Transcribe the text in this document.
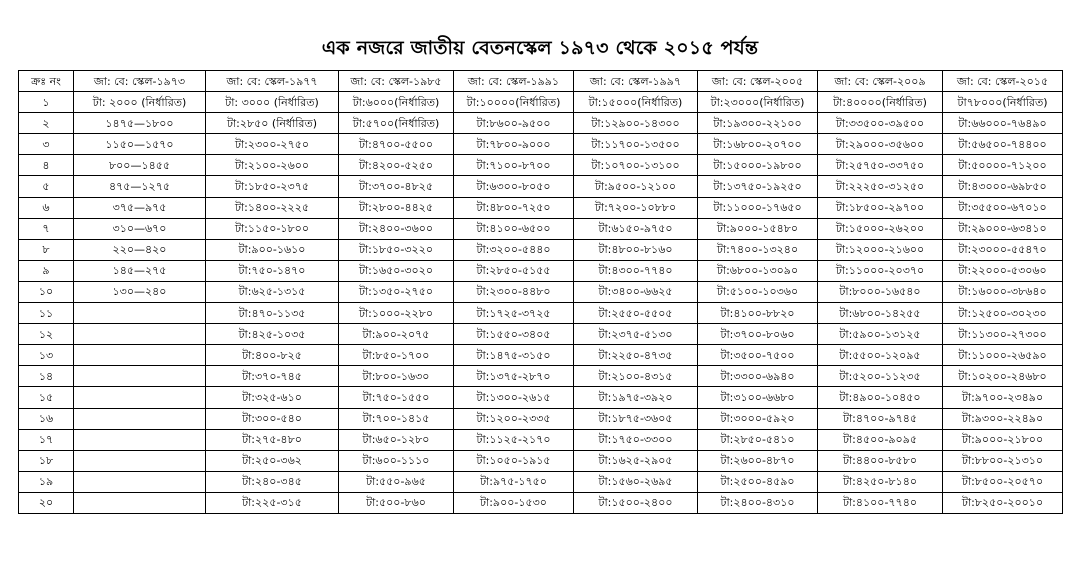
এক নজরে জাতীয় বেতনস্কেল ১৯৭৩ থেকে ২০১৫ পর্যন্ত
ক্রঃ নং	জা: বে: স্কেল-১৯৭৩	জা: বে: স্কেল-১৯৭৭	জা: বে: স্কেল-১৯৮৫	জা: বে: স্কেল-১৯৯১	জা: বে: স্কেল-১৯৯৭	জা: বে: স্কেল-২০০৫	জা: বে: স্কেল-২০০৯	জা: বে: স্কেল-২০১৫
১	টা: ২০০০ (নির্ধারিত)	টা: ৩০০০ (নির্ধারিত)	টা:৬০০০(নির্ধারিত)	টা:১০০০০(নির্ধারিত)	টা:১৫০০০(নির্ধারিত)	টা:২৩০০০(নির্ধারিত)	টা:৪০০০০(নির্ধারিত)	টা৭৮০০০(নির্ধারিত)
২	১৪৭৫—১৮০০	টা:২৮৫০ (নির্ধারিত)	টা:৫৭০০(নির্ধারিত)	টা:৮৬০০-৯৫০০	টা:১২৯০০-১৪৩০০	টা:১৯৩০০-২২১০০	টা:৩৩৫০০-৩৯৫০০	টা:৬৬০০০-৭৬৪৯০
৩	১১৫০—১৫৭০	টা:২৩০০-২৭৫০	টা:৪৭০০-৫৫০০	টা:৭৮০০-৯০০০	টা:১১৭০০-১৩৫০০	টা:১৬৮০০-২০৭০০	টা:২৯০০০-৩৫৬০০	টা:৫৬৫০০-৭৪৪০০
৪	৮০০—১৪৫৫	টা:২১০০-২৬০০	টা:৪২০০-৫২৫০	টা:৭১০০-৮৭০০	টা:১০৭০০-১৩১০০	টা:১৫০০০-১৯৮০০	টা:২৫৭৫০-৩৩৭৫০	টা:৫০০০০-৭১২০০
৫	৪৭৫—১২৭৫	টা:১৮৫০-২৩৭৫	টা:৩৭০০-৪৮২৫	টা:৬৩০০-৮০৫০	টা:৯৫০০-১২১০০	টা:১৩৭৫০-১৯২৫০	টা:২২২৫০-৩১২৫০	টা:৪৩০০০-৬৯৮৫০
৬	৩৭৫—৯৭৫	টা:১৪০০-২২২৫	টা:২৮০০-৪৪২৫	টা:৪৮০০-৭২৫০	টা:৭২০০-১০৮৮০	টা:১১০০০-১৭৬৫০	টা:১৮৫০০-২৯৭০০	টা:৩৫৫০০-৬৭০১০
৭	৩১০—৬৭০	টা:১১৫০-১৮০০	টা:২৪০০-৩৬০০	টা:৪১০০-৬৫০০	টা:৬১৫০-৯৭৫০	টা:৯০০০-১৫৪৮০	টা:১৫০০০-২৬২০০	টা:২৯০০০-৬৩৪১০
৮	২২০—৪২০	টা:৯০০-১৬১০	টা:১৮৫০-৩২২০	টা:৩২০০-৫৪৪০	টা:৪৮০০-৮১৬০	টা:৭৪০০-১৩২৪০	টা:১২০০০-২১৬০০	টা:২৩০০০-৫৫৪৭০
৯	১৪৫—২৭৫	টা:৭৫০-১৪৭০	টা:১৬৫০-৩০২০	টা:২৮৫০-৫১৫৫	টা:৪৩০০-৭৭৪০	টা:৬৮০০-১৩০৯০	টা:১১০০০-২০৩৭০	টা:২২০০০-৫৩০৬০
১০	১৩০—২৪০	টা:৬২৫-১৩১৫	টা:১৩৫০-২৭৫০	টা:২৩০০-৪৪৮০	টা:৩৪০০-৬৬২৫	টা:৫১০০-১০৩৬০	টা:৮০০০-১৬৫৪০	টা:১৬০০০-৩৮৬৪০
১১		টা:৪৭০-১১৩৫	টা:১০০০-২২৮০	টা:১৭২৫-৩৭২৫	টা:২৫৫০-৫৫০৫	টা:৪১০০-৮৮২০	টা:৬৮০০-১৪২৫৫	টা:১২৫০০-৩০২৩০
১২		টা:৪২৫-১০৩৫	টা:৯০০-২০৭৫	টা:১৫৫০-৩৪০৫	টা:২৩৭৫-৫১৩০	টা:৩৭০০-৮০৬০	টা:৫৯০০-১৩১২৫	টা:১১৩০০-২৭৩০০
১৩		টা:৪০০-৮২৫	টা:৮৫০-১৭০০	টা:১৪৭৫-৩১৫০	টা:২২৫০-৪৭৩৫	টা:৩৫০০-৭৫০০	টা:৫৫০০-১২০৯৫	টা:১১০০০-২৬৫৯০
১৪		টা:৩৭০-৭৪৫	টা:৮০০-১৬৩০	টা:১৩৭৫-২৮৭০	টা:২১০০-৪৩১৫	টা:৩৩০০-৬৯৪০	টা:৫২০০-১১২৩৫	টা:১০২০০-২৪৬৮০
১৫		টা:৩২৫-৬১০	টা:৭৫০-১৫৫০	টা:১৩০০-২৬১৫	টা:১৯৭৫-৩৯২০	টা:৩১০০-৬৬৮০	টা:৪৯০০-১০৪৫০	টা:৯৭০০-২৩৪৯০
১৬		টা:৩০০-৫৪০	টা:৭০০-১৪১৫	টা:১২০০-২৩৩৫	টা:১৮৭৫-৩৬০৫	টা:৩০০০-৫৯২০	টা:৪৭০০-৯৭৪৫	টা:৯৩০০-২২৪৯০
১৭		টা:২৭৫-৪৮০	টা:৬৫০-১২৮০	টা:১১২৫-২১৭০	টা:১৭৫০-৩৩০০	টা:২৮৫০-৫৪১০	টা:৪৫০০-৯০৯৫	টা:৯০০০-২১৮০০
১৮		টা:২৫০-৩৬২	টা:৬০০-১১১০	টা:১০৫০-১৯১৫	টা:১৬২৫-২৯০৫	টা:২৬০০-৪৮৭০	টা:৪৪০০-৮৫৮০	টা:৮৮০০-২১৩১০
১৯		টা:২৪০-৩৪৫	টা:৫৫০-৯৬৫	টা:৯৭৫-১৭৫০	টা:১৫৬০-২৬৯৫	টা:২৫০০-৪৫৯০	টা:৪২৫০-৮১৪০	টা:৮৫০০-২০৫৭০
২০		টা:২২৫-৩১৫	টা:৫০০-৮৬০	টা:৯০০-১৫৩০	টা:১৫০০-২৪০০	টা:২৪০০-৪৩১০	টা:৪১০০-৭৭৪০	টা:৮২৫০-২০০১০
